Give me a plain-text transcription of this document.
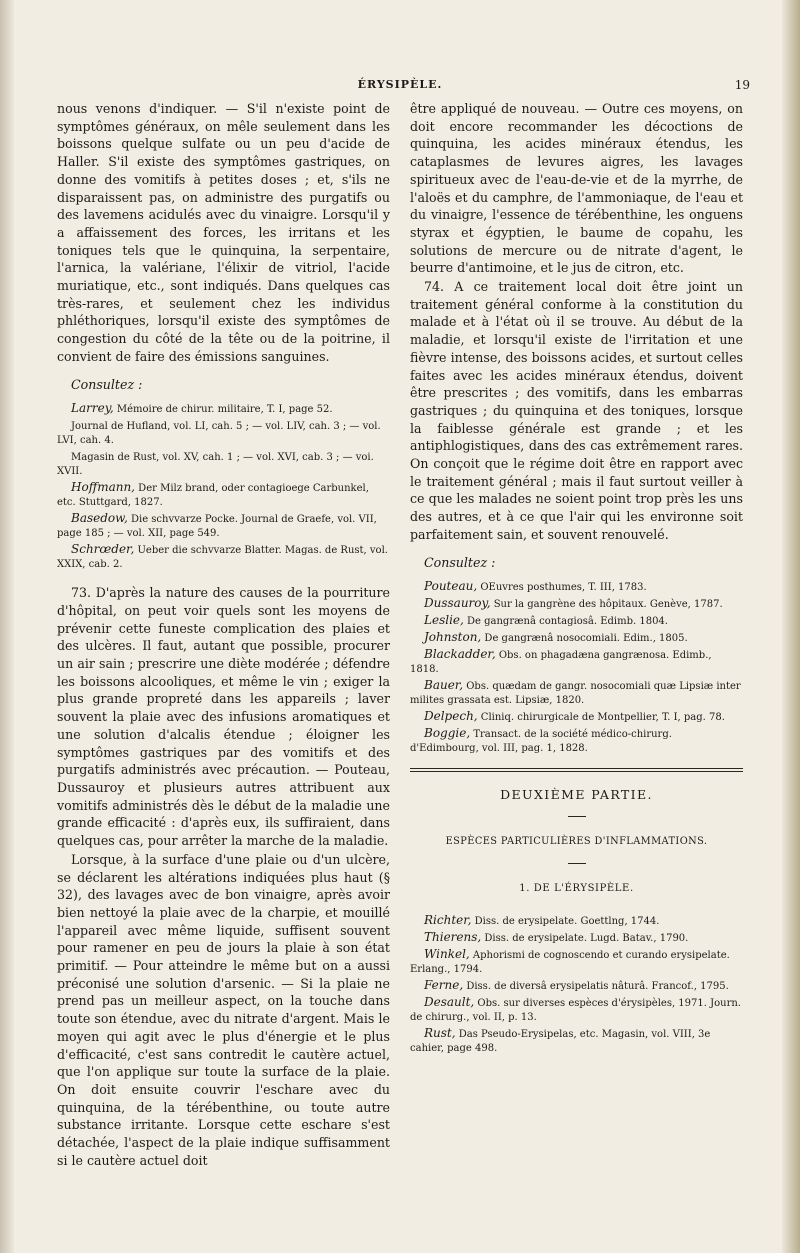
ÉRYSIPÈLE.	19

nous venons d'indiquer. — S'il n'existe point de symptômes généraux, on mêle seulement dans les boissons quelque sulfate ou un peu d'acide de Haller. S'il existe des symptômes gastriques, on donne des vomitifs à petites doses ; et, s'ils ne disparaissent pas, on administre des purgatifs ou des lavemens acidulés avec du vinaigre. Lorsqu'il y a affaissement des forces, les irritans et les toniques tels que le quinquina, la serpentaire, l'arnica, la valériane, l'élixir de vitriol, l'acide muriatique, etc., sont indiqués. Dans quelques cas très-rares, et seulement chez les individus phléthoriques, lorsqu'il existe des symptômes de congestion du côté de la tête ou de la poitrine, il convient de faire des émissions sanguines.

Consultez :
Larrey, Mémoire de chirur. militaire, T. I, page 52.
Journal de Hufland, vol. LI, cah. 5 ; — vol. LIV, cah. 3 ; — vol. LVI, cah. 4.
Magasin de Rust, vol. XV, cah. 1 ; — vol. XVI, cab. 3 ; — voi. XVII.
Hoffmann, Der Milz brand, oder contagioege Carbunkel, etc. Stuttgard, 1827.
Basedow, Die schvvarze Pocke. Journal de Graefe, vol. VII, page 185 ; — vol. XII, page 549.
Schrœder, Ueber die schvvarze Blatter. Magas. de Rust, vol. XXIX, cab. 2.

73. D'après la nature des causes de la pourriture d'hôpital, on peut voir quels sont les moyens de prévenir cette funeste complication des plaies et des ulcères. Il faut, autant que possible, procurer un air sain ; prescrire une diète modérée ; défendre les boissons alcooliques, et même le vin ; exiger la plus grande propreté dans les appareils ; laver souvent la plaie avec des infusions aromatiques et une solution d'alcalis étendue ; éloigner les symptômes gastriques par des vomitifs et des purgatifs administrés avec précaution. — Pouteau, Dussauroy et plusieurs autres attribuent aux vomitifs administrés dès le début de la maladie une grande efficacité : d'après eux, ils suffiraient, dans quelques cas, pour arrêter la marche de la maladie.

Lorsque, à la surface d'une plaie ou d'un ulcère, se déclarent les altérations indiquées plus haut (§ 32), des lavages avec de bon vinaigre, après avoir bien nettoyé la plaie avec de la charpie, et mouillé l'appareil avec même liquide, suffisent souvent pour ramener en peu de jours la plaie à son état primitif. — Pour atteindre le même but on a aussi préconisé une solution d'arsenic. — Si la plaie ne prend pas un meilleur aspect, on la touche dans toute son étendue, avec du nitrate d'argent. Mais le moyen qui agit avec le plus d'énergie et le plus d'efficacité, c'est sans contredit le cautère actuel, que l'on applique sur toute la surface de la plaie. On doit ensuite couvrir l'eschare avec du quinquina, de la térébenthine, ou toute autre substance irritante. Lorsque cette eschare s'est détachée, l'aspect de la plaie indique suffisamment si le cautère actuel doit

être appliqué de nouveau. — Outre ces moyens, on doit encore recommander les décoctions de quinquina, les acides minéraux étendus, les cataplasmes de levures aigres, les lavages spiritueux avec de l'eau-de-vie et de la myrrhe, de l'aloës et du camphre, de l'ammoniaque, de l'eau et du vinaigre, l'essence de térébenthine, les onguens styrax et égyptien, le baume de copahu, les solutions de mercure ou de nitrate d'agent, le beurre d'antimoine, et le jus de citron, etc.

74. A ce traitement local doit être joint un traitement général conforme à la constitution du malade et à l'état où il se trouve. Au début de la maladie, et lorsqu'il existe de l'irritation et une fièvre intense, des boissons acides, et surtout celles faites avec les acides minéraux étendus, doivent être prescrites ; des vomitifs, dans les embarras gastriques ; du quinquina et des toniques, lorsque la faiblesse générale est grande ; et les antiphlogistiques, dans des cas extrêmement rares. On conçoit que le régime doit être en rapport avec le traitement général ; mais il faut surtout veiller à ce que les malades ne soient point trop près les uns des autres, et à ce que l'air qui les environne soit parfaitement sain, et souvent renouvelé.

Consultez :
Pouteau, OEuvres posthumes, T. III, 1783.
Dussauroy, Sur la gangrène des hôpitaux. Genève, 1787.
Leslie, De gangrænâ contagiosâ. Edimb. 1804.
Johnston, De gangrænâ nosocomiali. Edim., 1805.
Blackadder, Obs. on phagadæna gangrænosa. Edimb., 1818.
Bauer, Obs. quædam de gangr. nosocomiali quæ Lipsiæ inter milites grassata est. Lipsiæ, 1820.
Delpech, Cliniq. chirurgicale de Montpellier, T. I, pag. 78.
Boggie, Transact. de la société médico-chirurg. d'Edimbourg, vol. III, pag. 1, 1828.
DEUXIÈME PARTIE.
ESPÈCES PARTICULIÈRES D'INFLAMMATIONS.
1. DE L'ÉRYSIPÈLE.
Richter, Diss. de erysipelate. Goettlng, 1744.
Thierens, Diss. de erysipelate. Lugd. Batav., 1790.
Winkel, Aphorismi de cognoscendo et curando erysipelate. Erlang., 1794.
Ferne, Diss. de diversâ erysipelatis nâturâ. Francof., 1795.
Desault, Obs. sur diverses espèces d'érysipèles, 1971. Journ. de chirurg., vol. II, p. 13.
Rust, Das Pseudo-Erysipelas, etc. Magasin, vol. VIII, 3e cahier, page 498.
